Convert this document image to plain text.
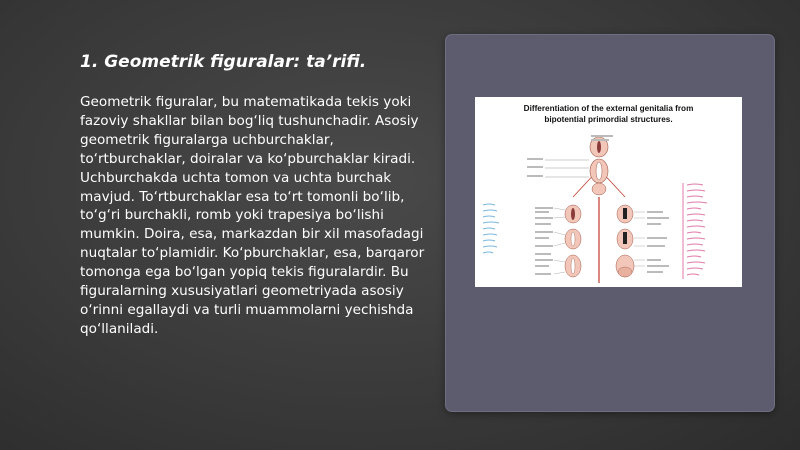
1. Geometrik figuralar: ta’rifi.

Geometrik figuralar, bu matematikada tekis yoki fazoviy shakllar bilan bog‘liq tushunchadir. Asosiy geometrik figuralarga uchburchaklar, to‘rtburchaklar, doiralar va ko‘pburchaklar kiradi. Uchburchakda uchta tomon va uchta burchak mavjud. To‘rtburchaklar esa to‘rt tomonli bo‘lib, to‘g‘ri burchakli, romb yoki trapesiya bo‘lishi mumkin. Doira, esa, markazdan bir xil masofadagi nuqtalar to‘plamidir. Ko‘pburchaklar, esa, barqaror tomonga ega bo‘lgan yopiq tekis figuralardir. Bu figuralarning xususiyatlari geometriyada asosiy o‘rinni egallaydi va turli muammolarni yechishda qo‘llaniladi.

Differentiation of the external genitalia from
bipotential primordial structures.
